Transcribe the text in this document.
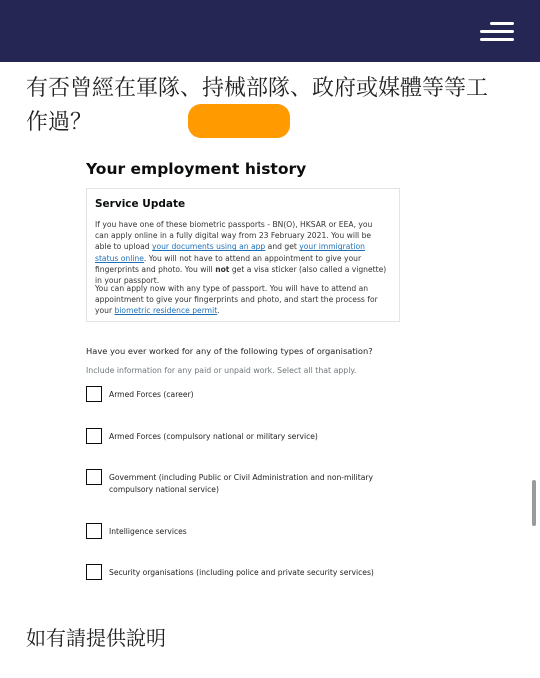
有否曾經在軍隊、持械部隊、政府或媒體等等工作過？
Your employment history
Service Update

If you have one of these biometric passports - BN(O), HKSAR or EEA, you can apply online in a fully digital way from 23 February 2021. You will be able to upload your documents using an app and get your immigration status online. You will not have to attend an appointment to give your fingerprints and photo. You will not get a visa sticker (also called a vignette) in your passport.

You can apply now with any type of passport. You will have to attend an appointment to give your fingerprints and photo, and start the process for your biometric residence permit.

Have you ever worked for any of the following types of organisation?
Include information for any paid or unpaid work. Select all that apply.
Armed Forces (career)
Armed Forces (compulsory national or military service)
Government (including Public or Civil Administration and non-military compulsory national service)
Intelligence services
Security organisations (including police and private security services)
如有請提供說明
